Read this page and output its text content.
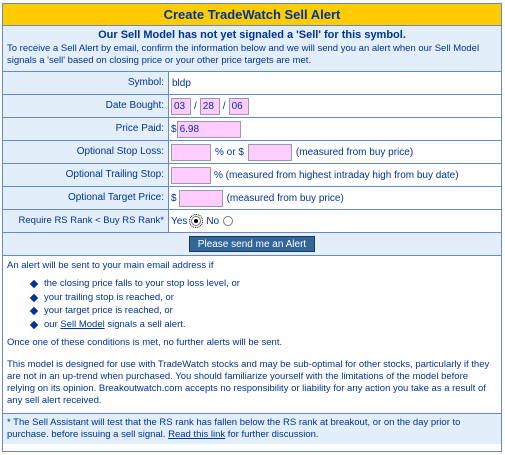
Create TradeWatch Sell Alert
Our Sell Model has not yet signaled a 'Sell' for this symbol.
To receive a Sell Alert by email, confirm the information below and we will send you an alert when our Sell Model signals a 'sell' based on closing price or your other price targets are met.
Symbol: bldp
Date Bought:
03	/
28	/
06
Price Paid: $
6.98
Optional Stop Loss:	% or $	(measured from buy price)
Optional Trailing Stop:	% (measured from highest intraday high from buy date)
Optional Target Price: $	(measured from buy price)
Require RS Rank < Buy RS Rank* Yes No
Please send me an Alert
An alert will be sent to your main email address if
the closing price falls to your stop loss level, or
your trailing stop is reached, or
your target price is reached, or
our Sell Model signals a sell alert.

Once one of these conditions is met, no further alerts will be sent.

This model is designed for use with TradeWatch stocks and may be sub-optimal for other stocks, particularly if they are not in an up-trend when purchased. You should familiarize yourself with the limitations of the model before relying on its opinion. Breakoutwatch.com accepts no responsibility or liability for any action you take as a result of any sell alert received.

* The Sell Assistant will test that the RS rank has fallen below the RS rank at breakout, or on the day prior to purchase. before issuing a sell signal. Read this link for further discussion.
